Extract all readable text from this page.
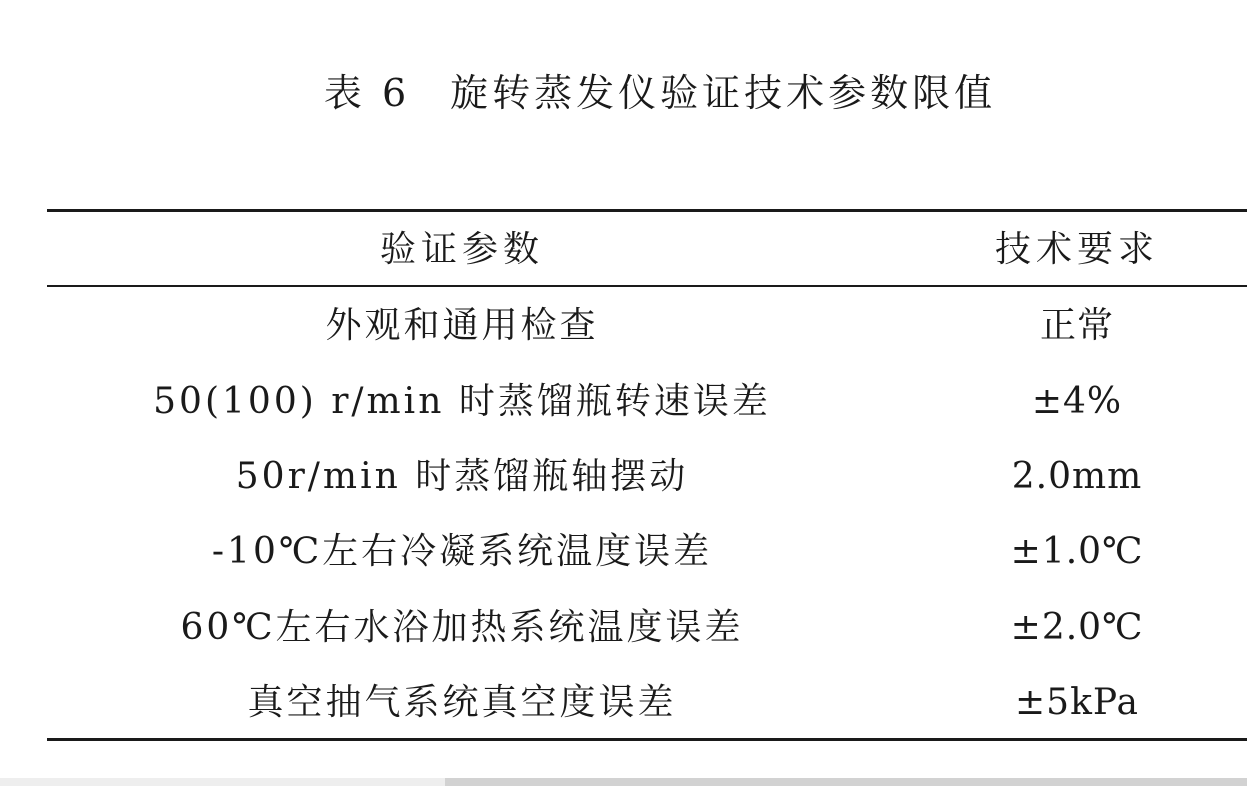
表 6 旋转蒸发仪验证技术参数限值
验证参数	技术要求
外观和通用检查	正常
50(100) r/min 时蒸馏瓶转速误差	±4%
50r/min 时蒸馏瓶轴摆动	2.0mm
-10℃左右冷凝系统温度误差	±1.0℃
60℃左右水浴加热系统温度误差	±2.0℃
真空抽气系统真空度误差	±5kPa
